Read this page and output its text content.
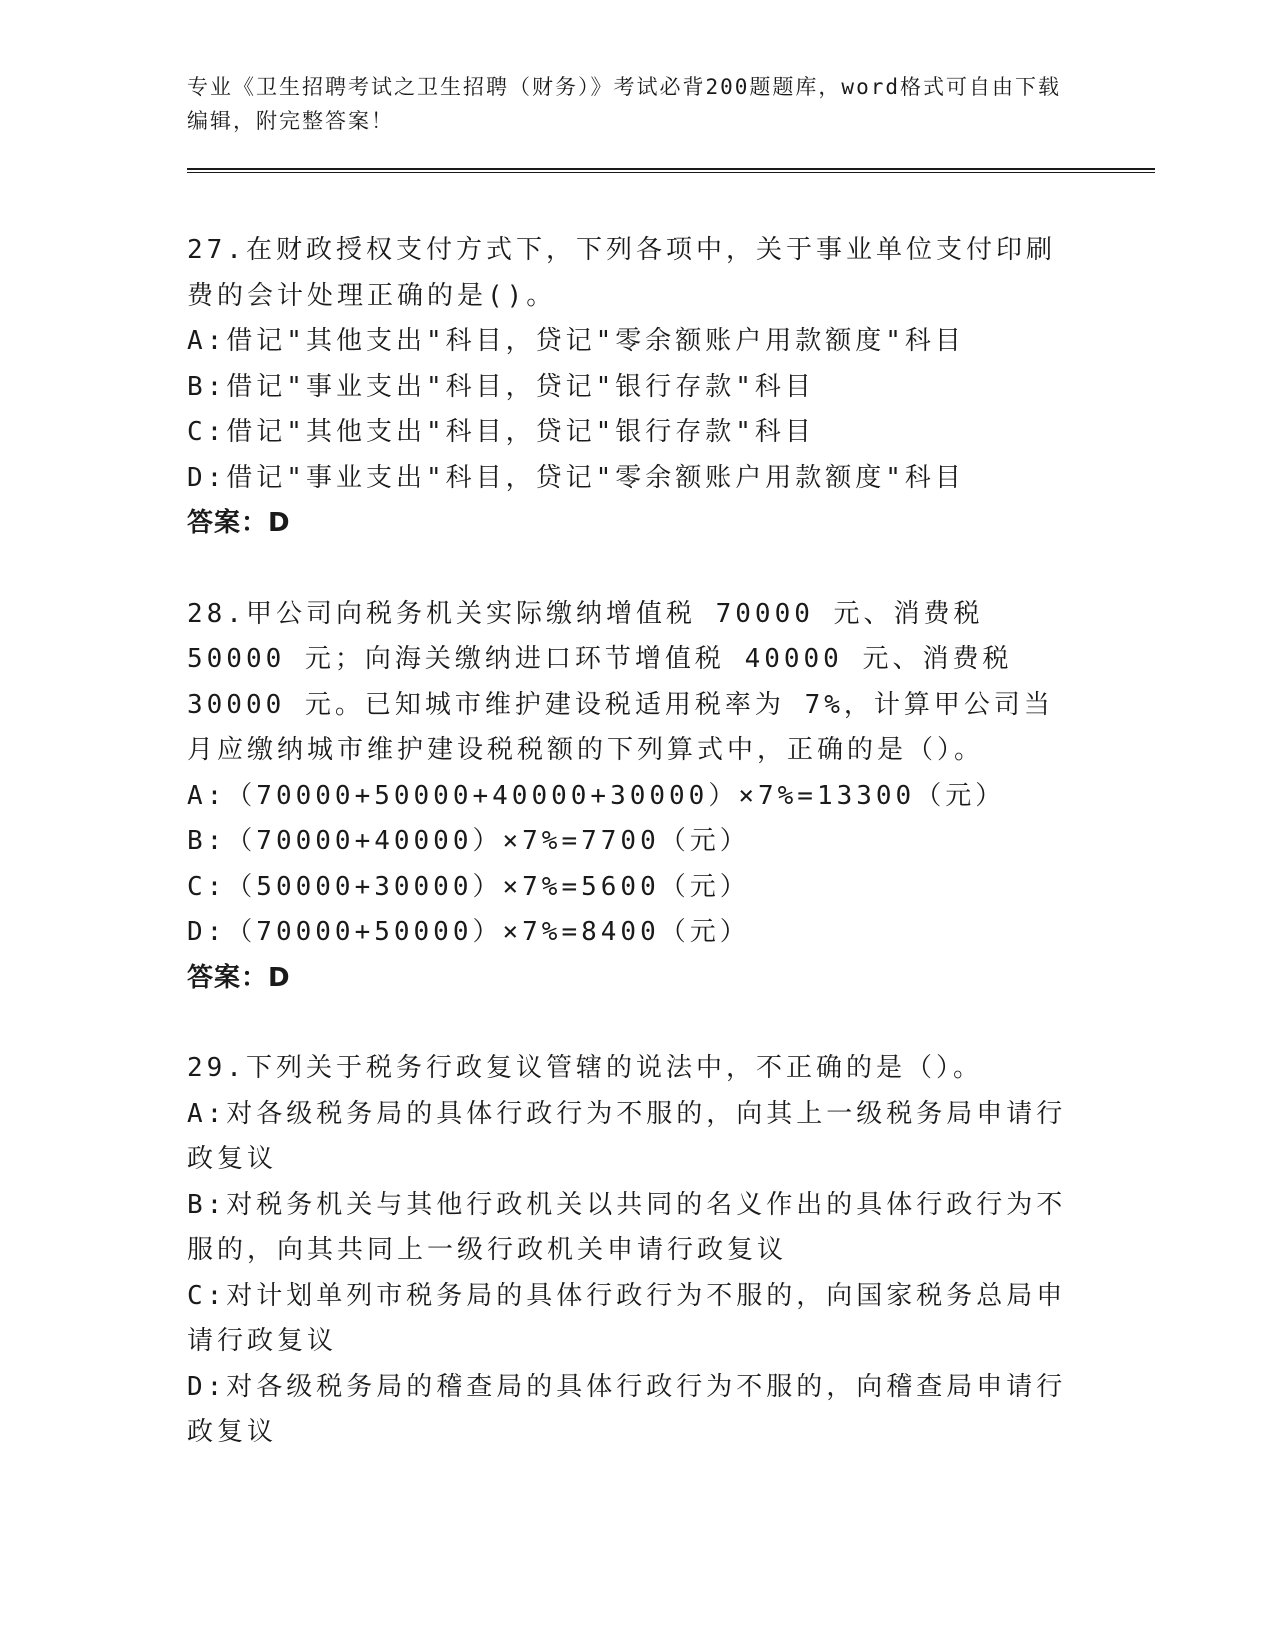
专业《卫生招聘考试之卫生招聘（财务）》考试必背200题题库，word格式可自由下载编辑，附完整答案！

27.在财政授权支付方式下，下列各项中，关于事业单位支付印刷费的会计处理正确的是()。

A:借记"其他支出"科目，贷记"零余额账户用款额度"科目

B:借记"事业支出"科目，贷记"银行存款"科目

C:借记"其他支出"科目，贷记"银行存款"科目

D:借记"事业支出"科目，贷记"零余额账户用款额度"科目

答案：D

28.甲公司向税务机关实际缴纳增值税 70000 元、消费税 50000 元；向海关缴纳进口环节增值税 40000 元、消费税 30000 元。已知城市维护建设税适用税率为 7%，计算甲公司当月应缴纳城市维护建设税税额的下列算式中，正确的是（）。

A:（70000+50000+40000+30000）×7%=13300（元）

B:（70000+40000）×7%=7700（元）

C:（50000+30000）×7%=5600（元）

D:（70000+50000）×7%=8400（元）

答案：D

29.下列关于税务行政复议管辖的说法中，不正确的是（）。

A:对各级税务局的具体行政行为不服的，向其上一级税务局申请行政复议

B:对税务机关与其他行政机关以共同的名义作出的具体行政行为不服的，向其共同上一级行政机关申请行政复议

C:对计划单列市税务局的具体行政行为不服的，向国家税务总局申请行政复议

D:对各级税务局的稽查局的具体行政行为不服的，向稽查局申请行政复议
